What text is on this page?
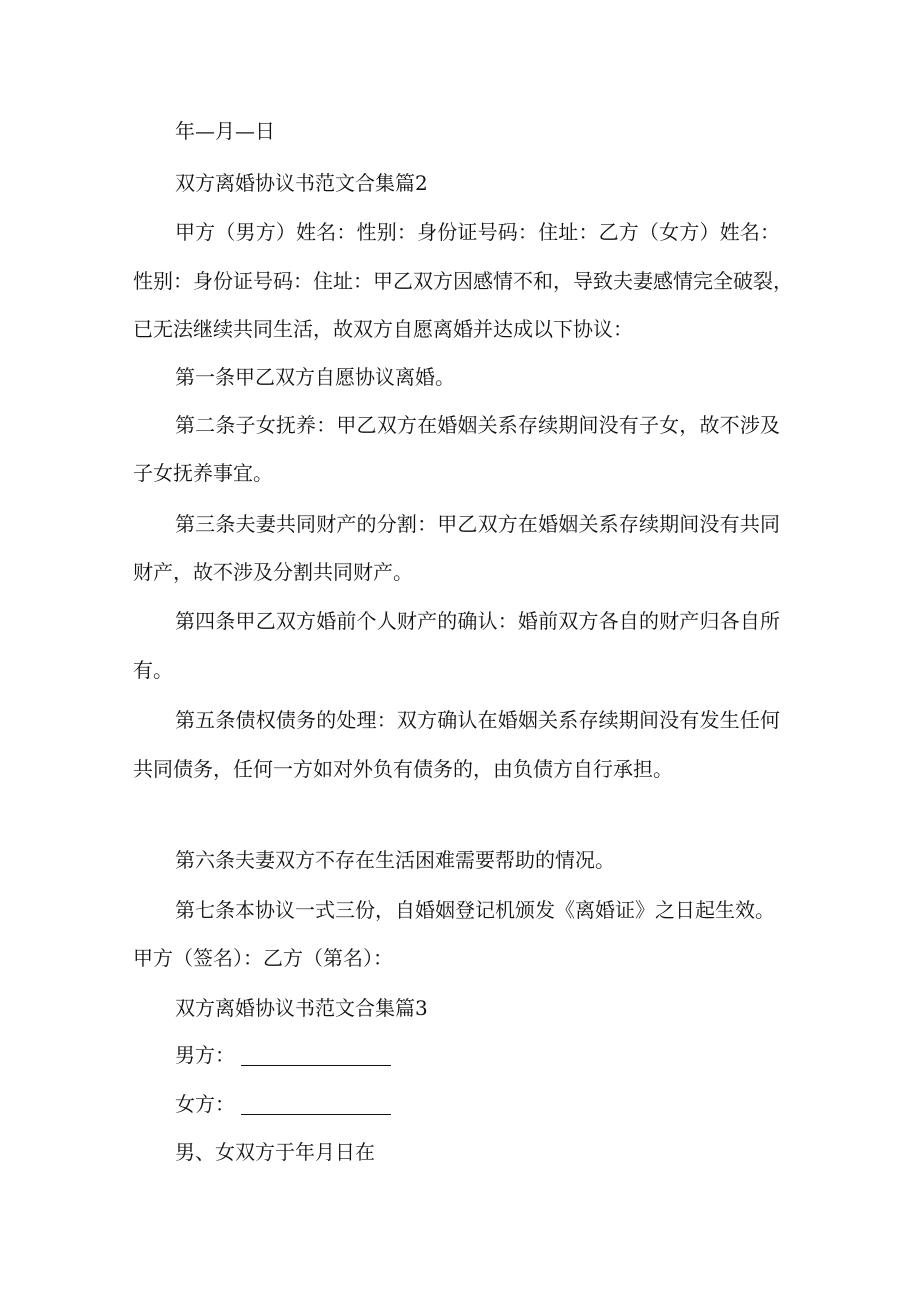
年—月—日
双方离婚协议书范文合集篇2
甲方（男方）姓名：性别：身份证号码：住址：乙方（女方）姓名：
性别：身份证号码：住址：甲乙双方因感情不和，导致夫妻感情完全破裂，
已无法继续共同生活，故双方自愿离婚并达成以下协议：
第一条甲乙双方自愿协议离婚。
第二条子女抚养：甲乙双方在婚姻关系存续期间没有子女，故不涉及
子女抚养事宜。
第三条夫妻共同财产的分割：甲乙双方在婚姻关系存续期间没有共同
财产，故不涉及分割共同财产。
第四条甲乙双方婚前个人财产的确认：婚前双方各自的财产归各自所
有。
第五条债权债务的处理：双方确认在婚姻关系存续期间没有发生任何
共同债务，任何一方如对外负有债务的，由负债方自行承担。
第六条夫妻双方不存在生活困难需要帮助的情况。
第七条本协议一式三份，自婚姻登记机颁发《离婚证》之日起生效。
甲方（签名）：乙方（第名）：
双方离婚协议书范文合集篇3
男方：
女方：
男、女双方于年月日在
